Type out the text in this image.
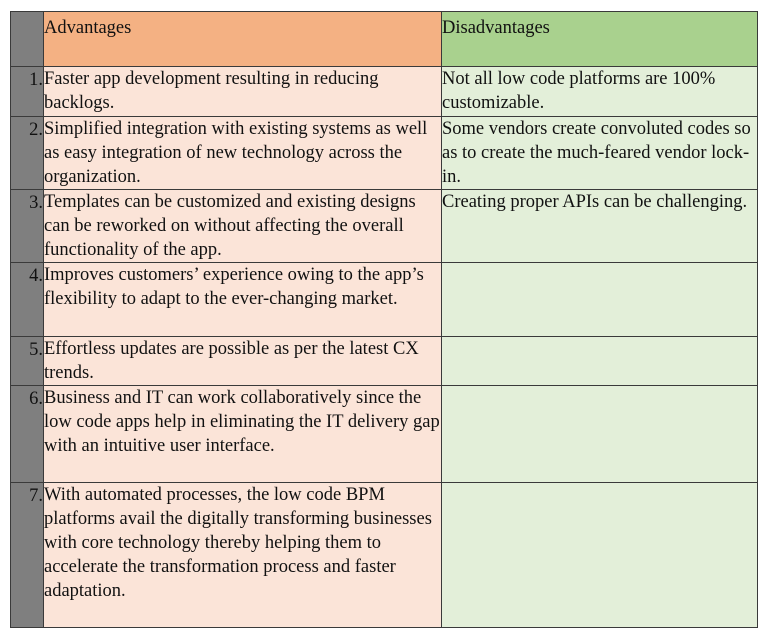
	Advantages	Disadvantages

1.	Faster app development resulting in reducing backlogs.	Not all low code platforms are 100% customizable.

2.	Simplified integration with existing systems as well as easy integration of new technology across the organization.	Some vendors create convoluted codes so as to create the much-feared vendor lock-in.

3.	Templates can be customized and existing designs can be reworked on without affecting the overall functionality of the app.	Creating proper APIs can be challenging.

4.	Improves customers’ experience owing to the app’s flexibility to adapt to the ever-changing market.	

5.	Effortless updates are possible as per the latest CX trends.	

6.	Business and IT can work collaboratively since the low code apps help in eliminating the IT delivery gap with an intuitive user interface.	

7.	With automated processes, the low code BPM platforms avail the digitally transforming businesses with core technology thereby helping them to accelerate the transformation process and faster adaptation.	
